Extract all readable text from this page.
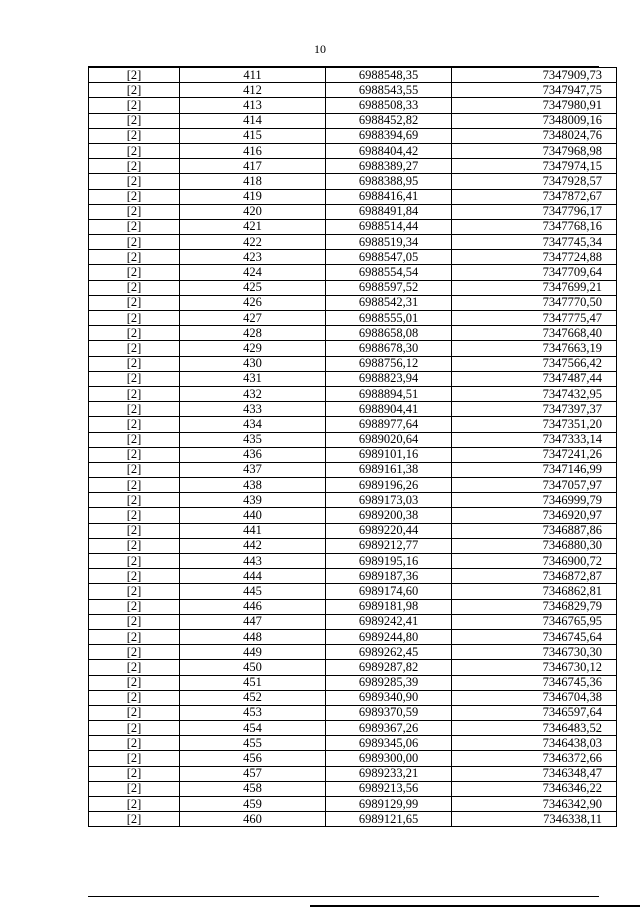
10
[2]	411	6988548,35	7347909,73
[2]	412	6988543,55	7347947,75
[2]	413	6988508,33	7347980,91
[2]	414	6988452,82	7348009,16
[2]	415	6988394,69	7348024,76
[2]	416	6988404,42	7347968,98
[2]	417	6988389,27	7347974,15
[2]	418	6988388,95	7347928,57
[2]	419	6988416,41	7347872,67
[2]	420	6988491,84	7347796,17
[2]	421	6988514,44	7347768,16
[2]	422	6988519,34	7347745,34
[2]	423	6988547,05	7347724,88
[2]	424	6988554,54	7347709,64
[2]	425	6988597,52	7347699,21
[2]	426	6988542,31	7347770,50
[2]	427	6988555,01	7347775,47
[2]	428	6988658,08	7347668,40
[2]	429	6988678,30	7347663,19
[2]	430	6988756,12	7347566,42
[2]	431	6988823,94	7347487,44
[2]	432	6988894,51	7347432,95
[2]	433	6988904,41	7347397,37
[2]	434	6988977,64	7347351,20
[2]	435	6989020,64	7347333,14
[2]	436	6989101,16	7347241,26
[2]	437	6989161,38	7347146,99
[2]	438	6989196,26	7347057,97
[2]	439	6989173,03	7346999,79
[2]	440	6989200,38	7346920,97
[2]	441	6989220,44	7346887,86
[2]	442	6989212,77	7346880,30
[2]	443	6989195,16	7346900,72
[2]	444	6989187,36	7346872,87
[2]	445	6989174,60	7346862,81
[2]	446	6989181,98	7346829,79
[2]	447	6989242,41	7346765,95
[2]	448	6989244,80	7346745,64
[2]	449	6989262,45	7346730,30
[2]	450	6989287,82	7346730,12
[2]	451	6989285,39	7346745,36
[2]	452	6989340,90	7346704,38
[2]	453	6989370,59	7346597,64
[2]	454	6989367,26	7346483,52
[2]	455	6989345,06	7346438,03
[2]	456	6989300,00	7346372,66
[2]	457	6989233,21	7346348,47
[2]	458	6989213,56	7346346,22
[2]	459	6989129,99	7346342,90
[2]	460	6989121,65	7346338,11
